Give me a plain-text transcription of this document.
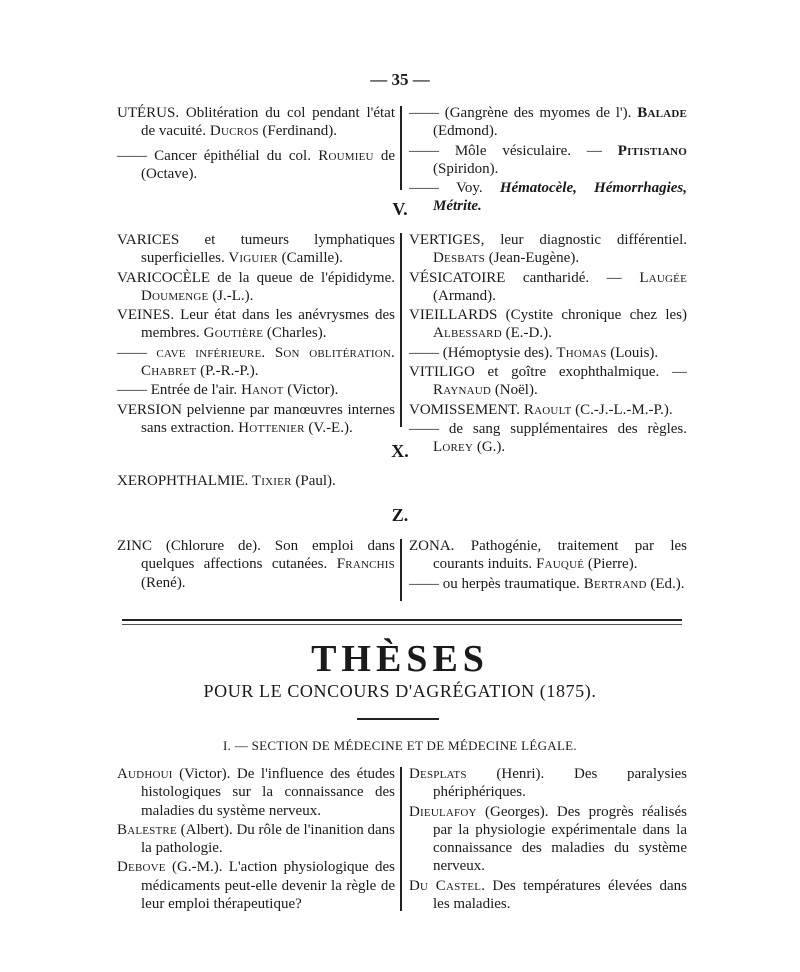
— 35 —
UTÉRUS. Oblitération du col pendant l'état de vacuité. Ducros (Ferdinand).
—— Cancer épithélial du col. Roumieu de (Octave).
—— (Gangrène des myomes de l'). Balade (Edmond).
—— Môle vésiculaire. — Pitistiano (Spiridon).
—— Voy. Hématocèle, Hémorrhagies, Métrite.
V.
VARICES et tumeurs lymphatiques superficielles. Viguier (Camille).
VARICOCÈLE de la queue de l'épididyme. Doumenge (J.-L.).
VEINES. Leur état dans les anévrysmes des membres. Goutière (Charles).
—— cave inférieure. Son oblitération. Chabret (P.-R.-P.).
—— Entrée de l'air. Hanot (Victor).
VERSION pelvienne par manœuvres internes sans extraction. Hottenier (V.-E.).
VERTIGES, leur diagnostic différentiel. Desbats (Jean-Eugène).
VÉSICATOIRE cantharidé. — Laugée (Armand).
VIEILLARDS (Cystite chronique chez les) Albessard (E.-D.).
—— (Hémoptysie des). Thomas (Louis).
VITILIGO et goître exophthalmique. — Raynaud (Noël).
VOMISSEMENT. Raoult (C.-J.-L.-M.-P.).
—— de sang supplémentaires des règles. Lorey (G.).
X.
XEROPHTHALMIE. Tixier (Paul).
Z.
ZINC (Chlorure de). Son emploi dans quelques affections cutanées. Franchis (René).
ZONA. Pathogénie, traitement par les courants induits. Fauqué (Pierre).
—— ou herpès traumatique. Bertrand (Ed.).
THÈSES
POUR LE CONCOURS D'AGRÉGATION (1875).
I. — SECTION DE MÉDECINE ET DE MÉDECINE LÉGALE.
Audhoui (Victor). De l'influence des études histologiques sur la connaissance des maladies du système nerveux.
Balestre (Albert). Du rôle de l'inanition dans la pathologie.
Debove (G.-M.). L'action physiologique des médicaments peut-elle devenir la règle de leur emploi thérapeutique?
Desplats (Henri). Des paralysies phériphériques.
Dieulafoy (Georges). Des progrès réalisés par la physiologie expérimentale dans la connaissance des maladies du système nerveux.
Du Castel. Des températures élevées dans les maladies.
